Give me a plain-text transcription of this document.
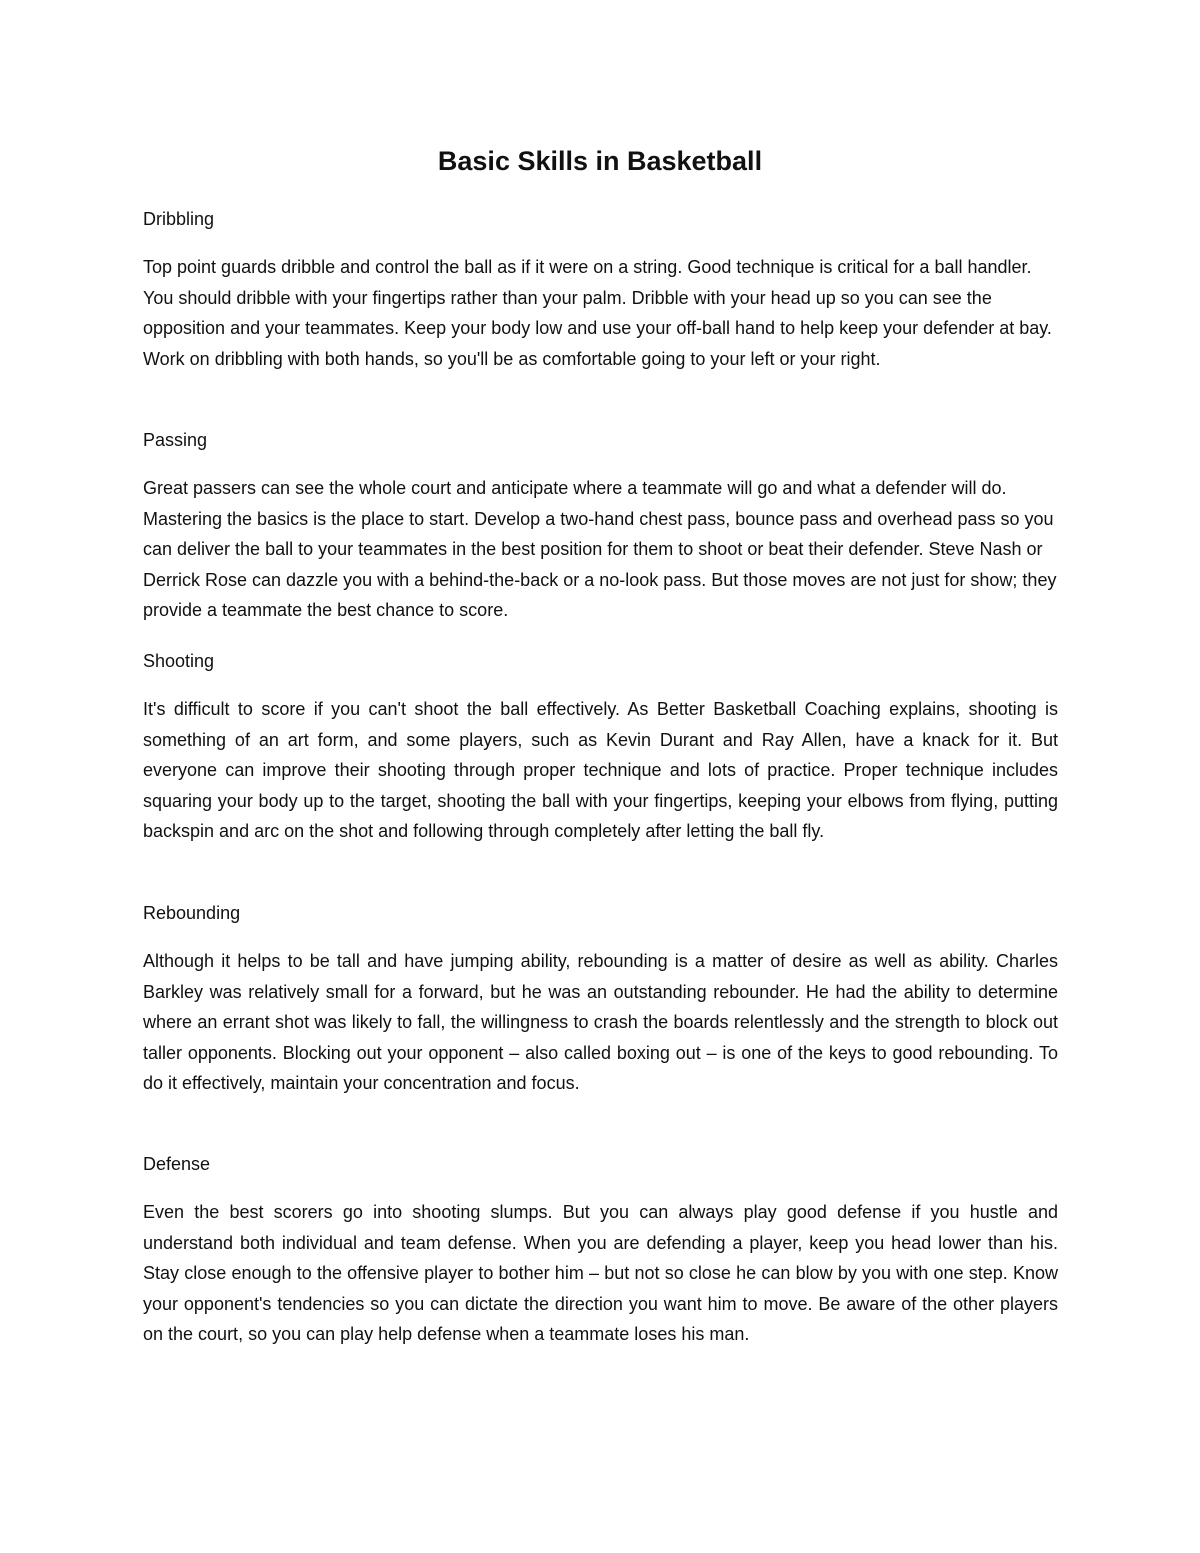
Basic Skills in Basketball

Dribbling

Top point guards dribble and control the ball as if it were on a string. Good technique is critical for a ball handler. You should dribble with your fingertips rather than your palm. Dribble with your head up so you can see the opposition and your teammates. Keep your body low and use your off-ball hand to help keep your defender at bay. Work on dribbling with both hands, so you'll be as comfortable going to your left or your right.

Passing

Great passers can see the whole court and anticipate where a teammate will go and what a defender will do. Mastering the basics is the place to start. Develop a two-hand chest pass, bounce pass and overhead pass so you can deliver the ball to your teammates in the best position for them to shoot or beat their defender. Steve Nash or Derrick Rose can dazzle you with a behind-the-back or a no-look pass. But those moves are not just for show; they provide a teammate the best chance to score.

Shooting

It's difficult to score if you can't shoot the ball effectively. As Better Basketball Coaching explains, shooting is something of an art form, and some players, such as Kevin Durant and Ray Allen, have a knack for it. But everyone can improve their shooting through proper technique and lots of practice. Proper technique includes squaring your body up to the target, shooting the ball with your fingertips, keeping your elbows from flying, putting backspin and arc on the shot and following through completely after letting the ball fly.

Rebounding

Although it helps to be tall and have jumping ability, rebounding is a matter of desire as well as ability. Charles Barkley was relatively small for a forward, but he was an outstanding rebounder. He had the ability to determine where an errant shot was likely to fall, the willingness to crash the boards relentlessly and the strength to block out taller opponents. Blocking out your opponent – also called boxing out – is one of the keys to good rebounding. To do it effectively, maintain your concentration and focus.

Defense

Even the best scorers go into shooting slumps. But you can always play good defense if you hustle and understand both individual and team defense. When you are defending a player, keep you head lower than his. Stay close enough to the offensive player to bother him – but not so close he can blow by you with one step. Know your opponent's tendencies so you can dictate the direction you want him to move. Be aware of the other players on the court, so you can play help defense when a teammate loses his man.
